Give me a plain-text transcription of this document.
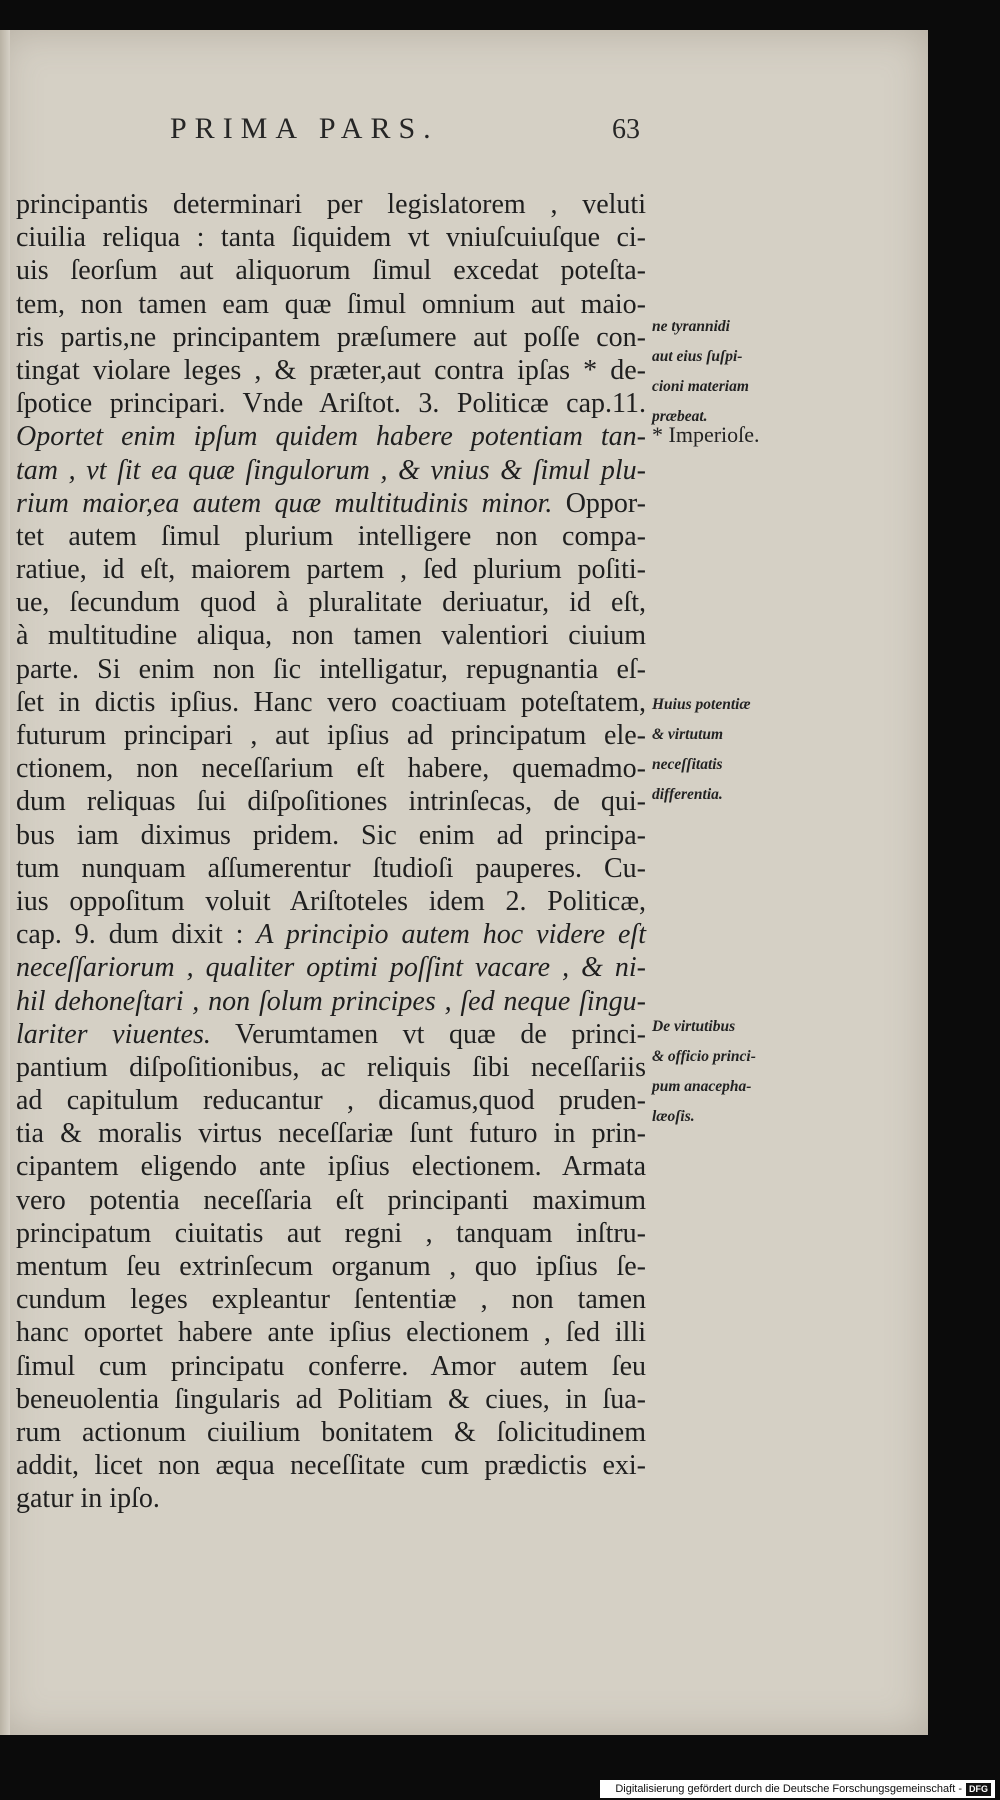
PRIMA PARS.	63
principantis determinari per legislatorem , veluti
ciuilia reliqua : tanta ſiquidem vt vniuſcuiuſque ci-
uis ſeorſum aut aliquorum ſimul excedat poteſta-
tem, non tamen eam quæ ſimul omnium aut maio-
ris partis,ne principantem præſumere aut poſſe con-
tingat violare leges , & præter,aut contra ipſas * de-
ſpotice principari. Vnde Ariſtot. 3. Politicæ cap.11.
Oportet enim ipſum quidem habere potentiam tan-
tam , vt ſit ea quæ ſingulorum , & vnius & ſimul plu-
rium maior,ea autem quæ multitudinis minor. Oppor-
tet autem ſimul plurium intelligere non compa-
ratiue, id eſt, maiorem partem , ſed plurium poſiti-
ue, ſecundum quod à pluralitate deriuatur, id eſt,
à multitudine aliqua, non tamen valentiori ciuium
parte. Si enim non ſic intelligatur, repugnantia eſ-
ſet in dictis ipſius. Hanc vero coactiuam poteſtatem,
futurum principari , aut ipſius ad principatum ele-
ctionem, non neceſſarium eſt habere, quemadmo-
dum reliquas ſui diſpoſitiones intrinſecas, de qui-
bus iam diximus pridem. Sic enim ad principa-
tum nunquam aſſumerentur ſtudioſi pauperes. Cu-
ius oppoſitum voluit Ariſtoteles idem 2. Politicæ,
cap. 9. dum dixit : A principio autem hoc videre eſt
neceſſariorum , qualiter optimi poſſint vacare , & ni-
hil dehoneſtari , non ſolum principes , ſed neque ſingu-
lariter viuentes. Verumtamen vt quæ de princi-
pantium diſpoſitionibus, ac reliquis ſibi neceſſariis
ad capitulum reducantur , dicamus,quod pruden-
tia & moralis virtus neceſſariæ ſunt futuro in prin-
cipantem eligendo ante ipſius electionem. Armata
vero potentia neceſſaria eſt principanti maximum
principatum ciuitatis aut regni , tanquam inſtru-
mentum ſeu extrinſecum organum , quo ipſius ſe-
cundum leges expleantur ſententiæ , non tamen
hanc oportet habere ante ipſius electionem , ſed illi
ſimul cum principatu conferre. Amor autem ſeu
beneuolentia ſingularis ad Politiam & ciues, in ſua-
rum actionum ciuilium bonitatem & ſolicitudinem
addit, licet non æqua neceſſitate cum prædictis exi-
gatur in ipſo.
ne tyrannidi
aut eius ſuſpi-
cioni materiam
præbeat.
* Imperioſe.
Huius potentiæ
& virtutum
neceſſitatis
differentia.
De virtutibus
& officio princi-
pum anacepha-
læoſis.
Digitalisierung gefördert durch die Deutsche Forschungsgemeinschaft - DFG
